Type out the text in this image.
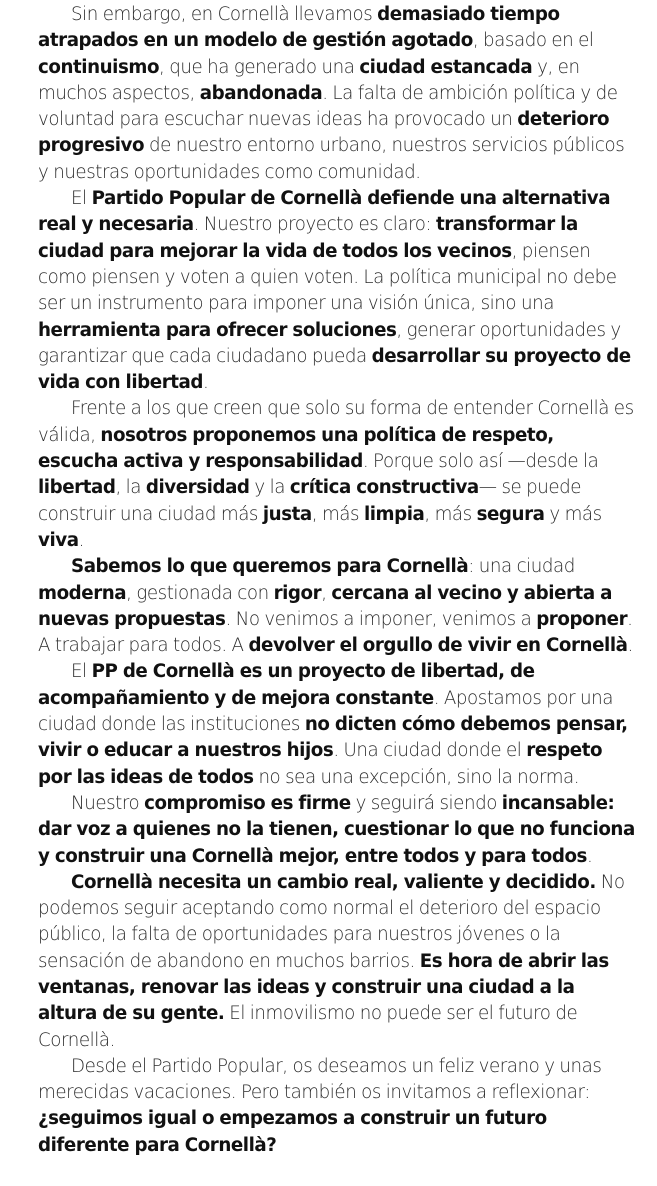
Sin embargo, en Cornellà llevamos demasiado tiempo atrapados en un modelo de gestión agotado, basado en el continuismo, que ha generado una ciudad estancada y, en muchos aspectos, abandonada. La falta de ambición política y de voluntad para escuchar nuevas ideas ha provocado un deterioro progresivo de nuestro entorno urbano, nuestros servicios públicos y nuestras oportunidades como comunidad.

El Partido Popular de Cornellà defiende una alternativa real y necesaria. Nuestro proyecto es claro: transformar la ciudad para mejorar la vida de todos los vecinos, piensen como piensen y voten a quien voten. La política municipal no debe ser un instrumento para imponer una visión única, sino una herramienta para ofrecer soluciones, generar oportunidades y garantizar que cada ciudadano pueda desarrollar su proyecto de vida con libertad.

Frente a los que creen que solo su forma de entender Cornellà es válida, nosotros proponemos una política de respeto, escucha activa y responsabilidad. Porque solo así —desde la libertad, la diversidad y la crítica constructiva— se puede construir una ciudad más justa, más limpia, más segura y más viva.

Sabemos lo que queremos para Cornellà: una ciudad moderna, gestionada con rigor, cercana al vecino y abierta a nuevas propuestas. No venimos a imponer, venimos a proponer. A trabajar para todos. A devolver el orgullo de vivir en Cornellà.

El PP de Cornellà es un proyecto de libertad, de acompañamiento y de mejora constante. Apostamos por una ciudad donde las instituciones no dicten cómo debemos pensar, vivir o educar a nuestros hijos. Una ciudad donde el respeto por las ideas de todos no sea una excepción, sino la norma.

Nuestro compromiso es firme y seguirá siendo incansable: dar voz a quienes no la tienen, cuestionar lo que no funciona y construir una Cornellà mejor, entre todos y para todos.

Cornellà necesita un cambio real, valiente y decidido. No podemos seguir aceptando como normal el deterioro del espacio público, la falta de oportunidades para nuestros jóvenes o la sensación de abandono en muchos barrios. Es hora de abrir las ventanas, renovar las ideas y construir una ciudad a la altura de su gente. El inmovilismo no puede ser el futuro de Cornellà.

Desde el Partido Popular, os deseamos un feliz verano y unas merecidas vacaciones. Pero también os invitamos a reflexionar: ¿seguimos igual o empezamos a construir un futuro diferente para Cornellà?
